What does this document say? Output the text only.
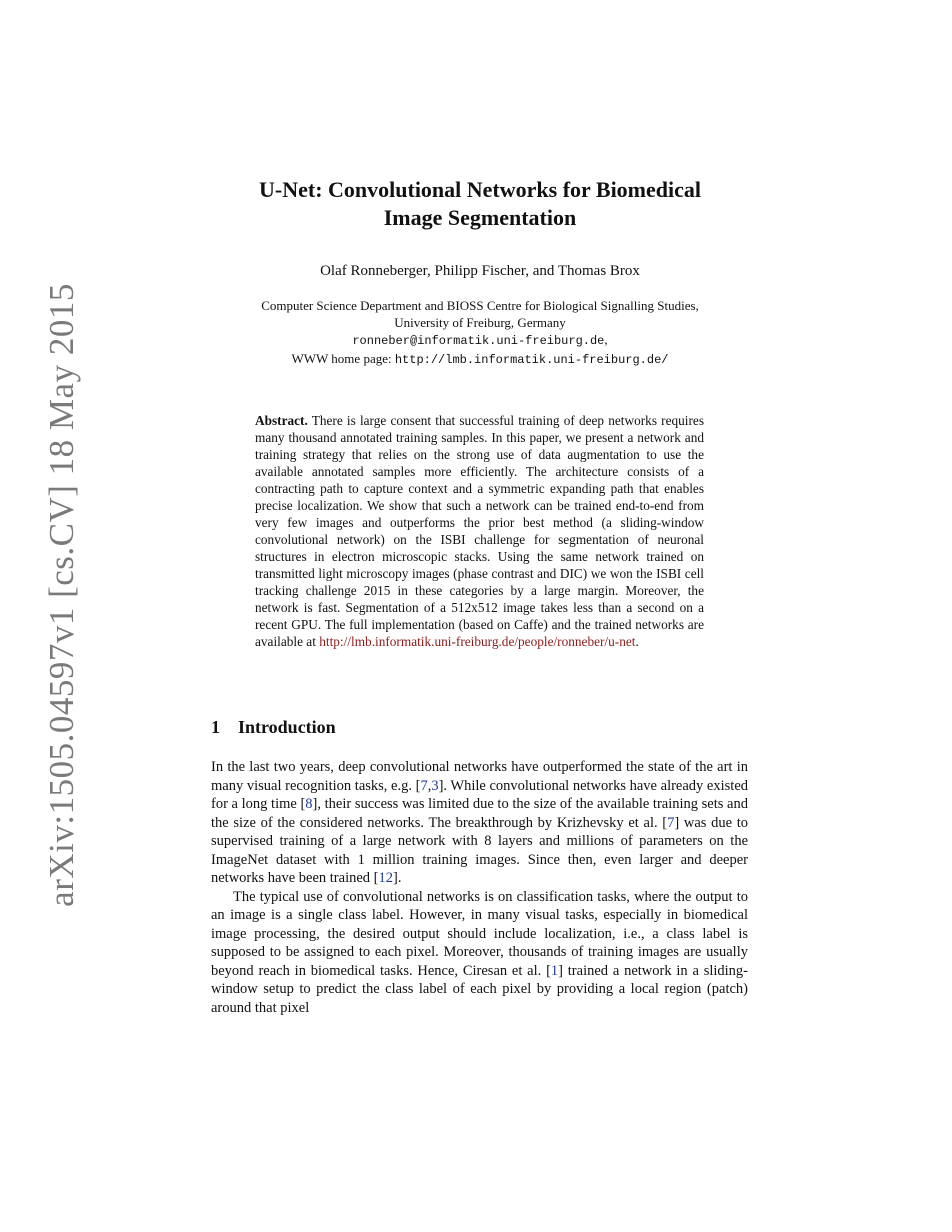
arXiv:1505.04597v1 [cs.CV] 18 May 2015
U-Net: Convolutional Networks for Biomedical
Image Segmentation
Olaf Ronneberger, Philipp Fischer, and Thomas Brox
Computer Science Department and BIOSS Centre for Biological Signalling Studies,
University of Freiburg, Germany
ronneber@informatik.uni-freiburg.de,
WWW home page: http://lmb.informatik.uni-freiburg.de/
Abstract. There is large consent that successful training of deep networks requires many thousand annotated training samples. In this paper, we present a network and training strategy that relies on the strong use of data augmentation to use the available annotated samples more efficiently. The architecture consists of a contracting path to capture context and a symmetric expanding path that enables precise localization. We show that such a network can be trained end-to-end from very few images and outperforms the prior best method (a sliding-window convolutional network) on the ISBI challenge for segmentation of neuronal structures in electron microscopic stacks. Using the same network trained on transmitted light microscopy images (phase contrast and DIC) we won the ISBI cell tracking challenge 2015 in these categories by a large margin. Moreover, the network is fast. Segmentation of a 512x512 image takes less than a second on a recent GPU. The full implementation (based on Caffe) and the trained networks are available at http://lmb.informatik.uni-freiburg.de/people/ronneber/u-net.
1 Introduction

In the last two years, deep convolutional networks have outperformed the state of the art in many visual recognition tasks, e.g. [7,3]. While convolutional networks have already existed for a long time [8], their success was limited due to the size of the available training sets and the size of the considered networks. The breakthrough by Krizhevsky et al. [7] was due to supervised training of a large network with 8 layers and millions of parameters on the ImageNet dataset with 1 million training images. Since then, even larger and deeper networks have been trained [12].

The typical use of convolutional networks is on classification tasks, where the output to an image is a single class label. However, in many visual tasks, especially in biomedical image processing, the desired output should include localization, i.e., a class label is supposed to be assigned to each pixel. Moreover, thousands of training images are usually beyond reach in biomedical tasks. Hence, Ciresan et al. [1] trained a network in a sliding-window setup to predict the class label of each pixel by providing a local region (patch) around that pixel
